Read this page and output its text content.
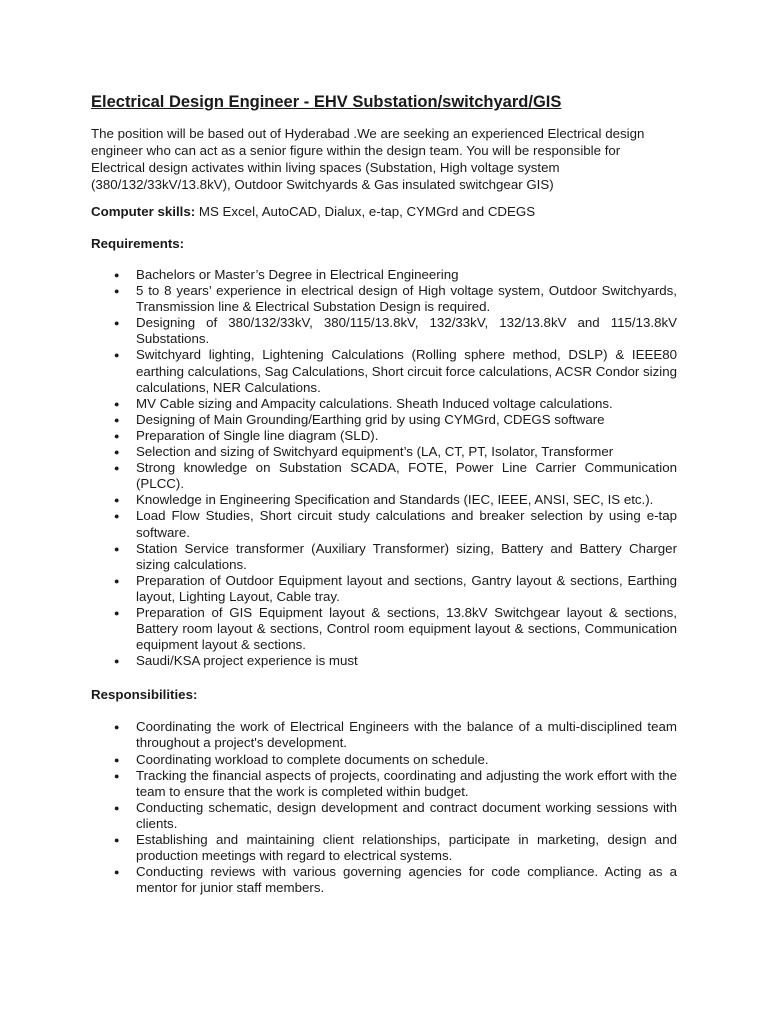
Electrical Design Engineer - EHV Substation/switchyard/GIS

The position will be based out of Hyderabad .We are seeking an experienced Electrical design engineer who can act as a senior figure within the design team. You will be responsible for Electrical design activates within living spaces (Substation, High voltage system (380/132/33kV/13.8kV), Outdoor Switchyards & Gas insulated switchgear GIS)

Computer skills: MS Excel, AutoCAD, Dialux, e-tap, CYMGrd and CDEGS

Requirements:
● Bachelors or Master’s Degree in Electrical Engineering
● 5 to 8 years’ experience in electrical design of High voltage system, Outdoor Switchyards, Transmission line & Electrical Substation Design is required.
● Designing of 380/132/33kV, 380/115/13.8kV, 132/33kV, 132/13.8kV and 115/13.8kV Substations.
● Switchyard lighting, Lightening Calculations (Rolling sphere method, DSLP) & IEEE80 earthing calculations, Sag Calculations, Short circuit force calculations, ACSR Condor sizing calculations, NER Calculations.
● MV Cable sizing and Ampacity calculations. Sheath Induced voltage calculations.
● Designing of Main Grounding/Earthing grid by using CYMGrd, CDEGS software
● Preparation of Single line diagram (SLD).
● Selection and sizing of Switchyard equipment’s (LA, CT, PT, Isolator, Transformer
● Strong knowledge on Substation SCADA, FOTE, Power Line Carrier Communication (PLCC).
● Knowledge in Engineering Specification and Standards (IEC, IEEE, ANSI, SEC, IS etc.).
● Load Flow Studies, Short circuit study calculations and breaker selection by using e-tap software.
● Station Service transformer (Auxiliary Transformer) sizing, Battery and Battery Charger sizing calculations.
● Preparation of Outdoor Equipment layout and sections, Gantry layout & sections, Earthing layout, Lighting Layout, Cable tray.
● Preparation of GIS Equipment layout & sections, 13.8kV Switchgear layout & sections, Battery room layout & sections, Control room equipment layout & sections, Communication equipment layout & sections.
● Saudi/KSA project experience is must
Responsibilities:
● Coordinating the work of Electrical Engineers with the balance of a multi-disciplined team throughout a project's development.
● Coordinating workload to complete documents on schedule.
● Tracking the financial aspects of projects, coordinating and adjusting the work effort with the team to ensure that the work is completed within budget.
● Conducting schematic, design development and contract document working sessions with clients.
● Establishing and maintaining client relationships, participate in marketing, design and production meetings with regard to electrical systems.
● Conducting reviews with various governing agencies for code compliance. Acting as a mentor for junior staff members.
